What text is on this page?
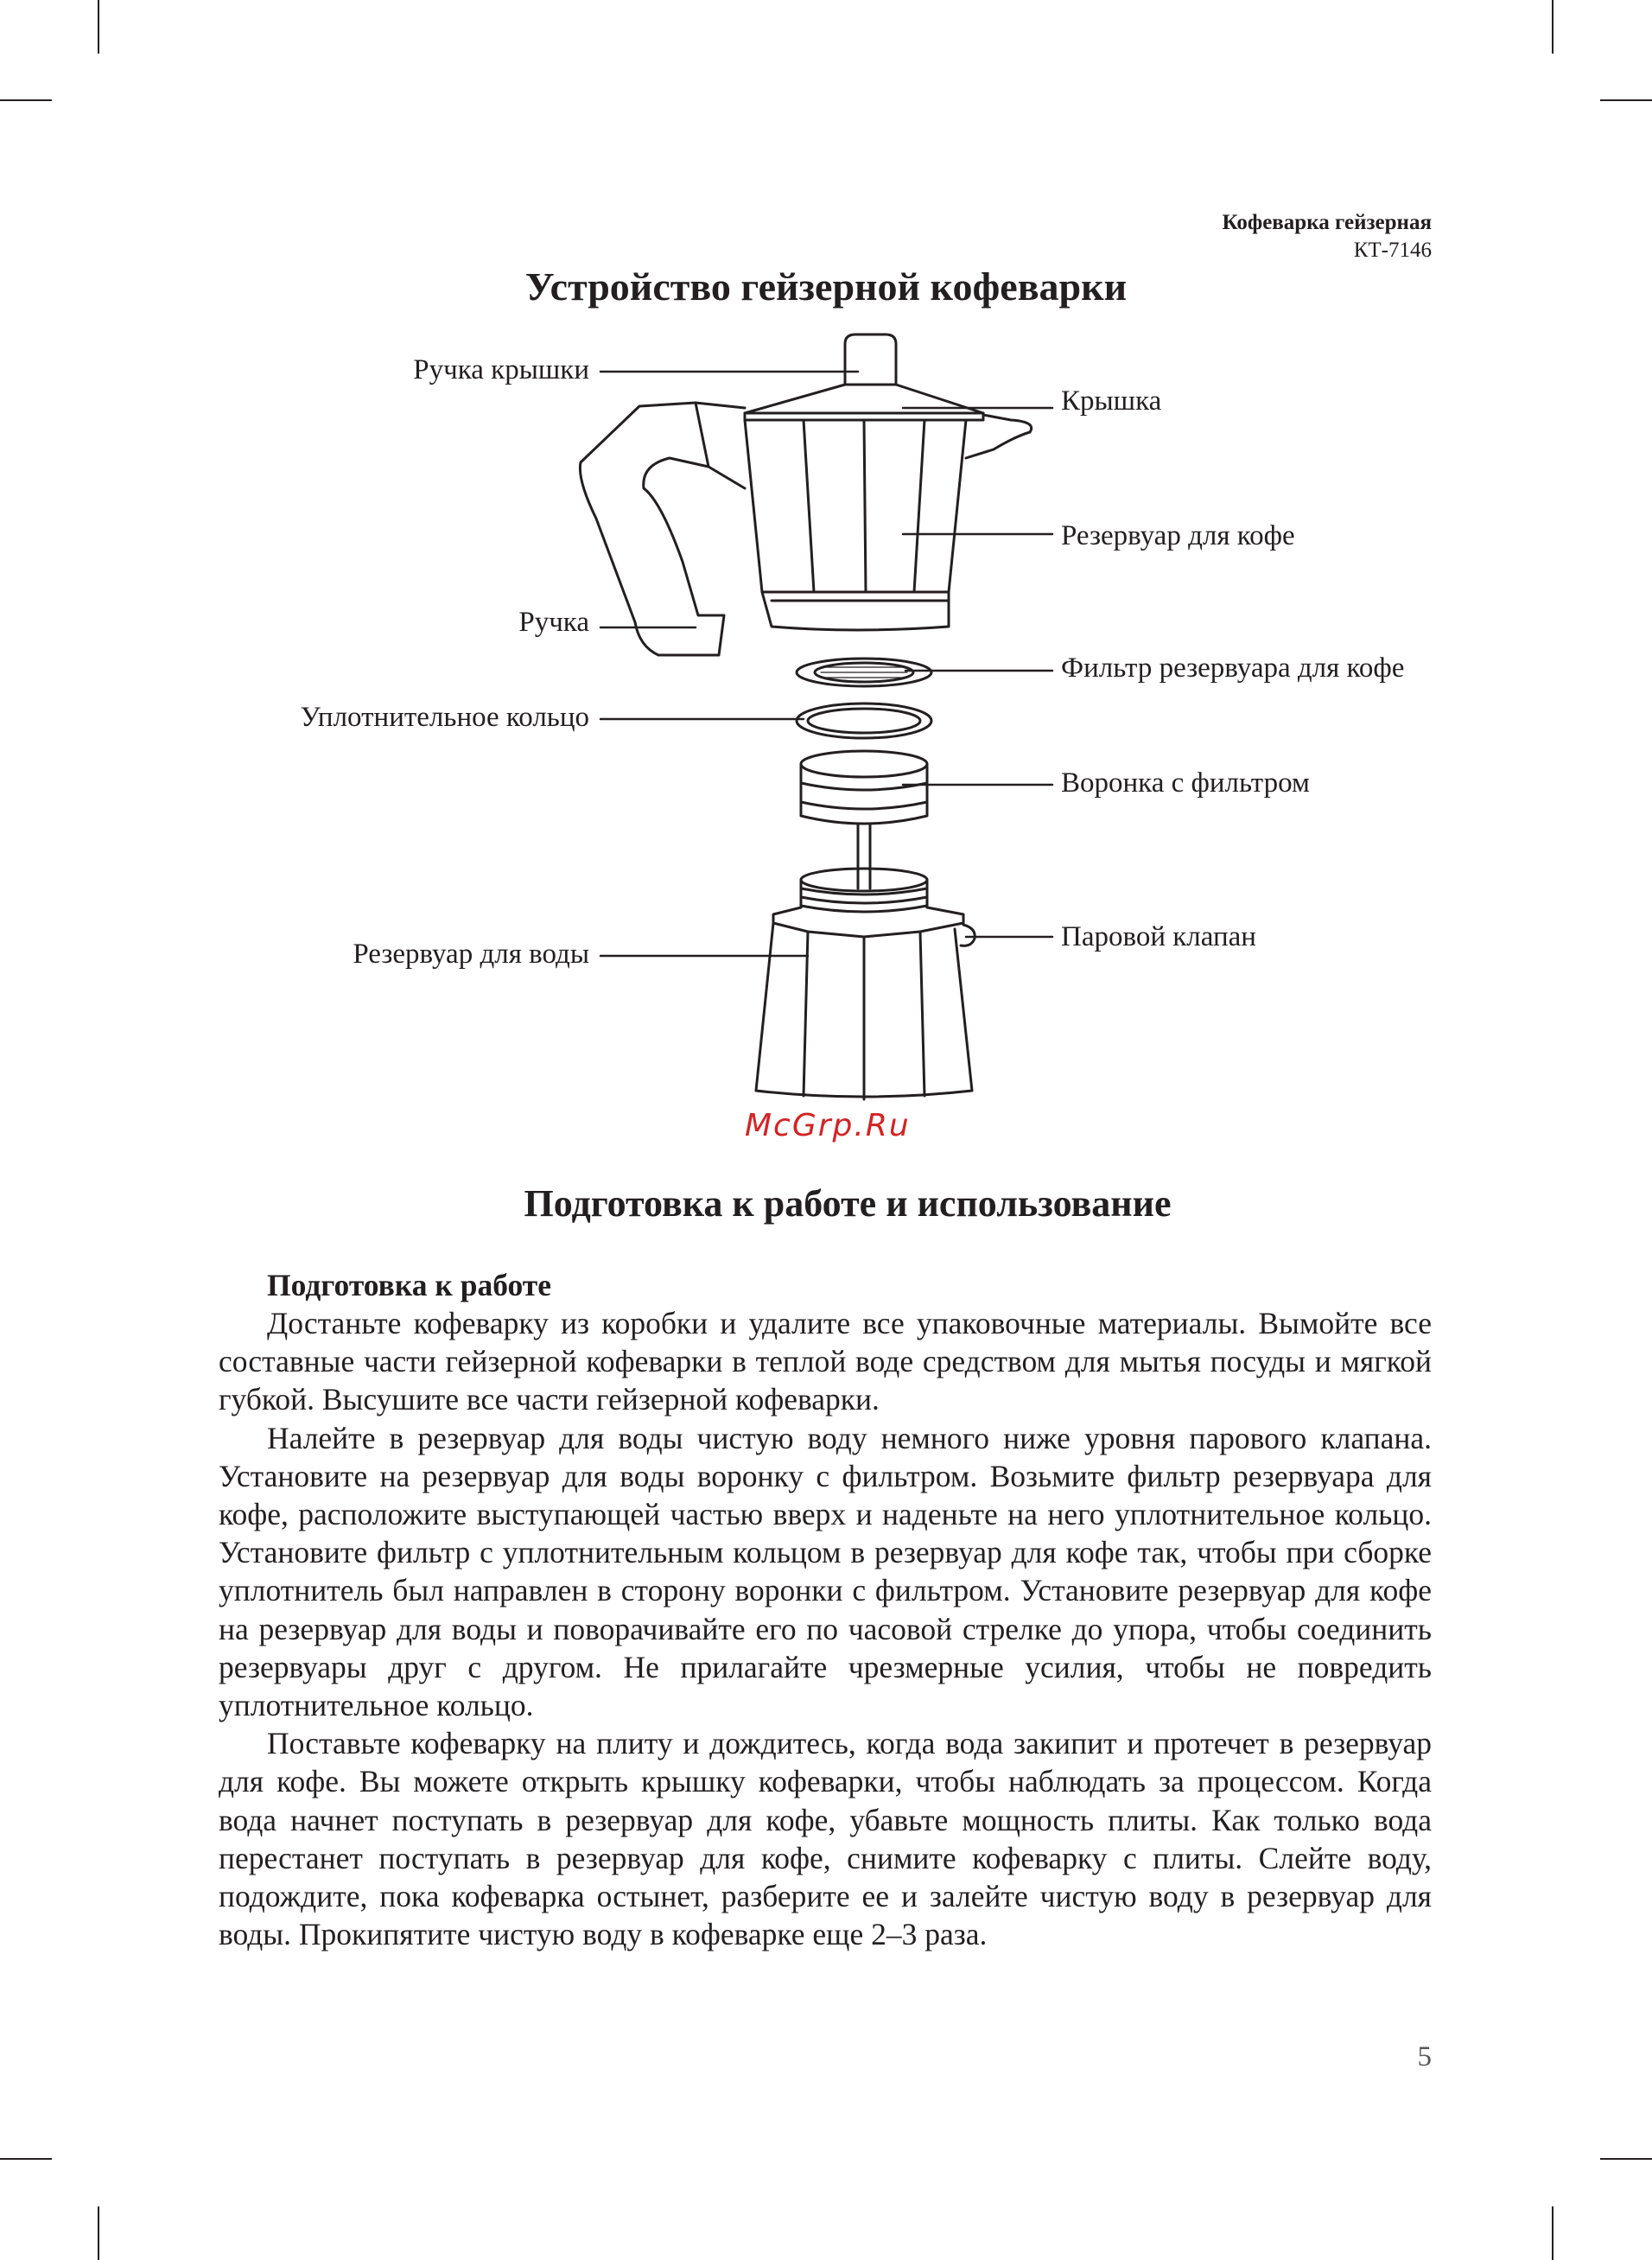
Кофеварка гейзерная
КТ-7146
Устройство гейзерной кофеварки
Ручка крышки
Крышка
Резервуар для кофе
Ручка
Фильтр резервуара для кофе
Уплотнительное кольцо
Воронка с фильтром
Резервуар для воды
Паровой клапан
McGrp.Ru
Подготовка к работе и использование
Подготовка к работе

Достаньте кофеварку из коробки и удалите все упаковочные материалы. Вымойте все составные части гейзерной кофеварки в теплой воде средством для мытья посуды и мягкой губкой. Высушите все части гейзерной кофеварки.

Налейте в резервуар для воды чистую воду немного ниже уровня парового клапана. Установите на резервуар для воды воронку с фильтром. Возьмите фильтр резервуара для кофе, расположите выступающей частью вверх и наденьте на него уплотнительное кольцо. Установите фильтр с уплотнительным кольцом в резервуар для кофе так, чтобы при сборке уплотнитель был направлен в сторону воронки с фильтром. Установите резервуар для кофе на резервуар для воды и поворачивайте его по часовой стрелке до упора, чтобы соединить резервуары друг с другом. Не прилагайте чрезмерные усилия, чтобы не повредить уплотнительное кольцо.

Поставьте кофеварку на плиту и дождитесь, когда вода закипит и протечет в резервуар для кофе. Вы можете открыть крышку кофеварки, чтобы наблюдать за процессом. Когда вода начнет поступать в резервуар для кофе, убавьте мощность плиты. Как только вода перестанет поступать в резервуар для кофе, снимите кофеварку с плиты. Слейте воду, подождите, пока кофеварка остынет, разберите ее и залейте чистую воду в резервуар для воды. Прокипятите чистую воду в кофеварке еще 2–3 раза.

5
